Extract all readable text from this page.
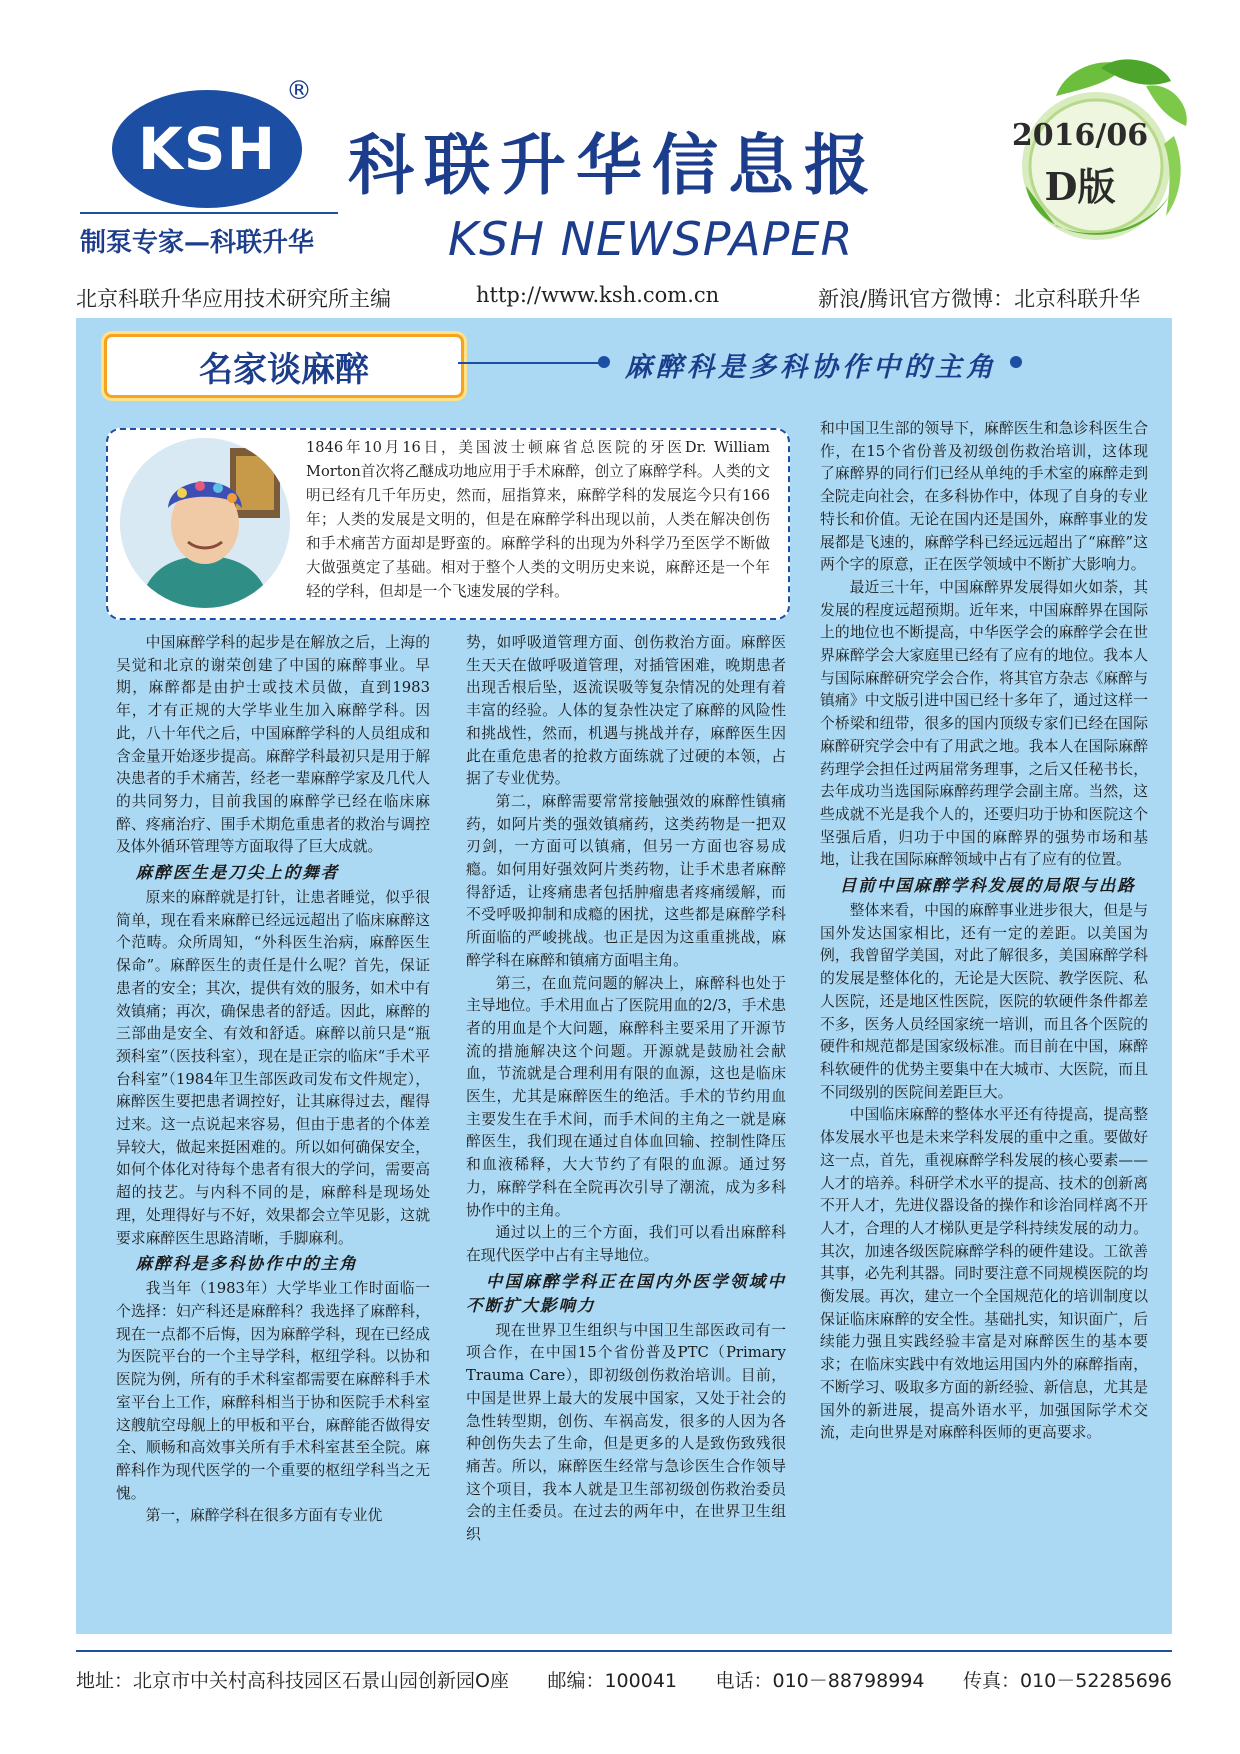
KSH
®
制泵专家—科联升华
科联升华信息报
KSH NEWSPAPER
2016/06
D版
北京科联升华应用技术研究所主编	http://www.ksh.com.cn	新浪/腾讯官方微博：北京科联升华
名家谈麻醉	麻醉科是多科协作中的主角
1846年10月16日，美国波士顿麻省总医院的牙医Dr. William Morton首次将乙醚成功地应用于手术麻醉，创立了麻醉学科。人类的文明已经有几千年历史，然而，屈指算来，麻醉学科的发展迄今只有166年；人类的发展是文明的，但是在麻醉学科出现以前，人类在解决创伤和手术痛苦方面却是野蛮的。麻醉学科的出现为外科学乃至医学不断做大做强奠定了基础。相对于整个人类的文明历史来说，麻醉还是一个年轻的学科，但却是一个飞速发展的学科。

中国麻醉学科的起步是在解放之后，上海的吴觉和北京的谢荣创建了中国的麻醉事业。早期，麻醉都是由护士或技术员做，直到1983年，才有正规的大学毕业生加入麻醉学科。因此，八十年代之后，中国麻醉学科的人员组成和含金量开始逐步提高。麻醉学科最初只是用于解决患者的手术痛苦，经老一辈麻醉学家及几代人的共同努力，目前我国的麻醉学已经在临床麻醉、疼痛治疗、围手术期危重患者的救治与调控及体外循环管理等方面取得了巨大成就。

麻醉医生是刀尖上的舞者

原来的麻醉就是打针，让患者睡觉，似乎很简单，现在看来麻醉已经远远超出了临床麻醉这个范畴。众所周知，“外科医生治病，麻醉医生保命”。麻醉医生的责任是什么呢？首先，保证患者的安全；其次，提供有效的服务，如术中有效镇痛；再次，确保患者的舒适。因此，麻醉的三部曲是安全、有效和舒适。麻醉以前只是“瓶颈科室”（医技科室），现在是正宗的临床“手术平台科室”（1984年卫生部医政司发布文件规定），麻醉医生要把患者调控好，让其麻得过去，醒得过来。这一点说起来容易，但由于患者的个体差异较大，做起来挺困难的。所以如何确保安全，如何个体化对待每个患者有很大的学问，需要高超的技艺。与内科不同的是，麻醉科是现场处理，处理得好与不好，效果都会立竿见影，这就要求麻醉医生思路清晰，手脚麻利。

麻醉科是多科协作中的主角

我当年（1983年）大学毕业工作时面临一个选择：妇产科还是麻醉科？我选择了麻醉科，现在一点都不后悔，因为麻醉学科，现在已经成为医院平台的一个主导学科，枢纽学科。以协和医院为例，所有的手术科室都需要在麻醉科手术室平台上工作，麻醉科相当于协和医院手术科室这艘航空母舰上的甲板和平台，麻醉能否做得安全、顺畅和高效事关所有手术科室甚至全院。麻醉科作为现代医学的一个重要的枢纽学科当之无愧。

第一，麻醉学科在很多方面有专业优

势，如呼吸道管理方面、创伤救治方面。麻醉医生天天在做呼吸道管理，对插管困难，晚期患者出现舌根后坠，返流误吸等复杂情况的处理有着丰富的经验。人体的复杂性决定了麻醉的风险性和挑战性，然而，机遇与挑战并存，麻醉医生因此在重危患者的抢救方面练就了过硬的本领，占据了专业优势。

第二，麻醉需要常常接触强效的麻醉性镇痛药，如阿片类的强效镇痛药，这类药物是一把双刃剑，一方面可以镇痛，但另一方面也容易成瘾。如何用好强效阿片类药物，让手术患者麻醉得舒适，让疼痛患者包括肿瘤患者疼痛缓解，而不受呼吸抑制和成瘾的困扰，这些都是麻醉学科所面临的严峻挑战。也正是因为这重重挑战，麻醉学科在麻醉和镇痛方面唱主角。

第三，在血荒问题的解决上，麻醉科也处于主导地位。手术用血占了医院用血的2/3，手术患者的用血是个大问题，麻醉科主要采用了开源节流的措施解决这个问题。开源就是鼓励社会献血，节流就是合理利用有限的血源，这也是临床医生，尤其是麻醉医生的绝活。手术的节约用血主要发生在手术间，而手术间的主角之一就是麻醉医生，我们现在通过自体血回输、控制性降压和血液稀释，大大节约了有限的血源。通过努力，麻醉学科在全院再次引导了潮流，成为多科协作中的主角。

通过以上的三个方面，我们可以看出麻醉科在现代医学中占有主导地位。

中国麻醉学科正在国内外医学领域中不断扩大影响力

现在世界卫生组织与中国卫生部医政司有一项合作，在中国15个省份普及PTC（Primary Trauma Care），即初级创伤救治培训。目前，中国是世界上最大的发展中国家，又处于社会的急性转型期，创伤、车祸高发，很多的人因为各种创伤失去了生命，但是更多的人是致伤致残很痛苦。所以，麻醉医生经常与急诊医生合作领导这个项目，我本人就是卫生部初级创伤救治委员会的主任委员。在过去的两年中，在世界卫生组织

和中国卫生部的领导下，麻醉医生和急诊科医生合作，在15个省份普及初级创伤救治培训，这体现了麻醉界的同行们已经从单纯的手术室的麻醉走到全院走向社会，在多科协作中，体现了自身的专业特长和价值。无论在国内还是国外，麻醉事业的发展都是飞速的，麻醉学科已经远远超出了“麻醉”这两个字的原意，正在医学领域中不断扩大影响力。

最近三十年，中国麻醉界发展得如火如荼，其发展的程度远超预期。近年来，中国麻醉界在国际上的地位也不断提高，中华医学会的麻醉学会在世界麻醉学会大家庭里已经有了应有的地位。我本人与国际麻醉研究学会合作，将其官方杂志《麻醉与镇痛》中文版引进中国已经十多年了，通过这样一个桥梁和纽带，很多的国内顶级专家们已经在国际麻醉研究学会中有了用武之地。我本人在国际麻醉药理学会担任过两届常务理事，之后又任秘书长，去年成功当选国际麻醉药理学会副主席。当然，这些成就不光是我个人的，还要归功于协和医院这个坚强后盾，归功于中国的麻醉界的强势市场和基地，让我在国际麻醉领域中占有了应有的位置。

目前中国麻醉学科发展的局限与出路

整体来看，中国的麻醉事业进步很大，但是与国外发达国家相比，还有一定的差距。以美国为例，我曾留学美国，对此了解很多，美国麻醉学科的发展是整体化的，无论是大医院、教学医院、私人医院，还是地区性医院，医院的软硬件条件都差不多，医务人员经国家统一培训，而且各个医院的硬件和规范都是国家级标准。而目前在中国，麻醉科软硬件的优势主要集中在大城市、大医院，而且不同级别的医院间差距巨大。

中国临床麻醉的整体水平还有待提高，提高整体发展水平也是未来学科发展的重中之重。要做好这一点，首先，重视麻醉学科发展的核心要素——人才的培养。科研学术水平的提高、技术的创新离不开人才，先进仪器设备的操作和诊治同样离不开人才，合理的人才梯队更是学科持续发展的动力。其次，加速各级医院麻醉学科的硬件建设。工欲善其事，必先利其器。同时要注意不同规模医院的均衡发展。再次，建立一个全国规范化的培训制度以保证临床麻醉的安全性。基础扎实，知识面广，后续能力强且实践经验丰富是对麻醉医生的基本要求；在临床实践中有效地运用国内外的麻醉指南，不断学习、吸取多方面的新经验、新信息，尤其是国外的新进展，提高外语水平，加强国际学术交流，走向世界是对麻醉科医师的更高要求。

地址：北京市中关村高科技园区石景山园创新园O座 邮编：100041 电话：010－88798994 传真：010－52285696
